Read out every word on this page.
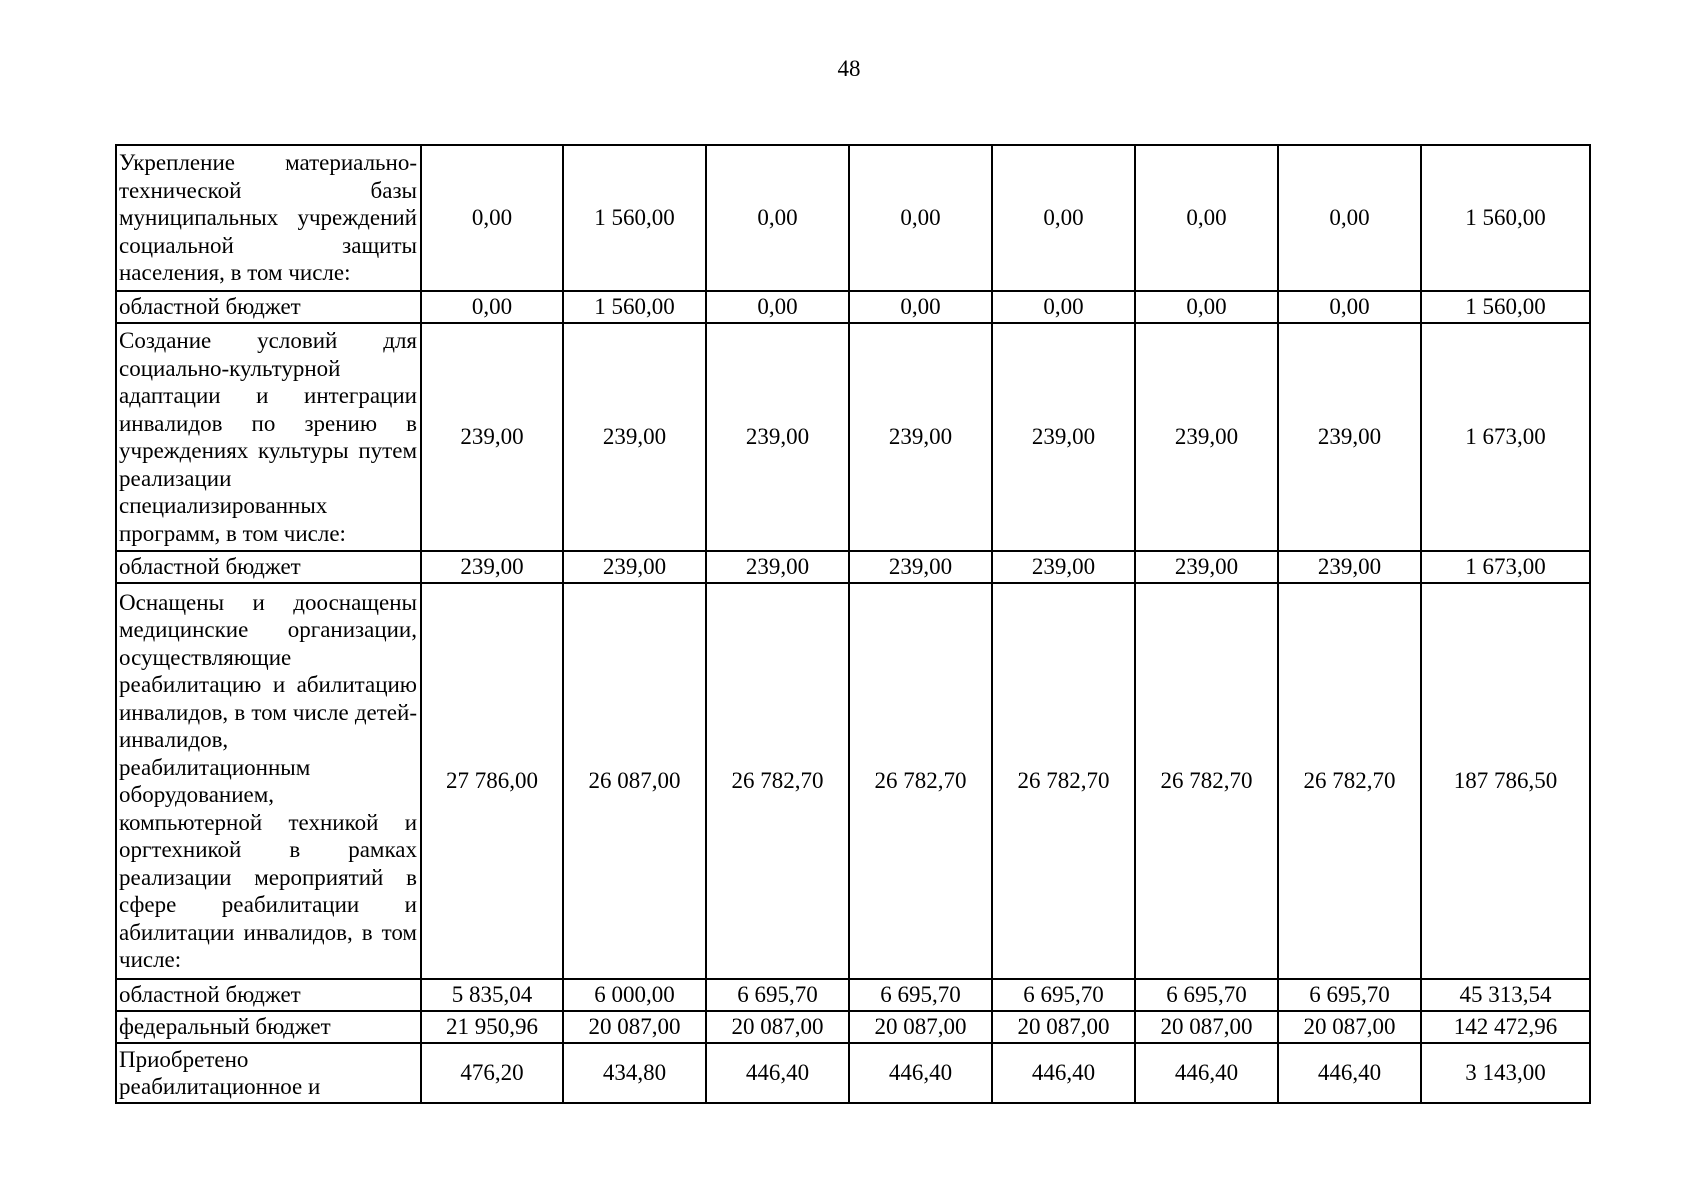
48
Укрепление материально-технической базы муниципальных учреждений социальной защиты населения, в том числе:	0,00	1 560,00	0,00	0,00	0,00	0,00	0,00	1 560,00
областной бюджет	0,00	1 560,00	0,00	0,00	0,00	0,00	0,00	1 560,00
Создание условий для социально-культурной адаптации и интеграции инвалидов по зрению в учреждениях культуры путем реализации специализированных программ, в том числе:	239,00	239,00	239,00	239,00	239,00	239,00	239,00	1 673,00
областной бюджет	239,00	239,00	239,00	239,00	239,00	239,00	239,00	1 673,00
Оснащены и дооснащены медицинские организации, осуществляющие реабилитацию и абилитацию инвалидов, в том числе детей-инвалидов, реабилитационным оборудованием, компьютерной техникой и оргтехникой в рамках реализации мероприятий в сфере реабилитации и абилитации инвалидов, в том числе:	27 786,00	26 087,00	26 782,70	26 782,70	26 782,70	26 782,70	26 782,70	187 786,50
областной бюджет	5 835,04	6 000,00	6 695,70	6 695,70	6 695,70	6 695,70	6 695,70	45 313,54
федеральный бюджет	21 950,96	20 087,00	20 087,00	20 087,00	20 087,00	20 087,00	20 087,00	142 472,96
Приобретено реабилитационное и	476,20	434,80	446,40	446,40	446,40	446,40	446,40	3 143,00
